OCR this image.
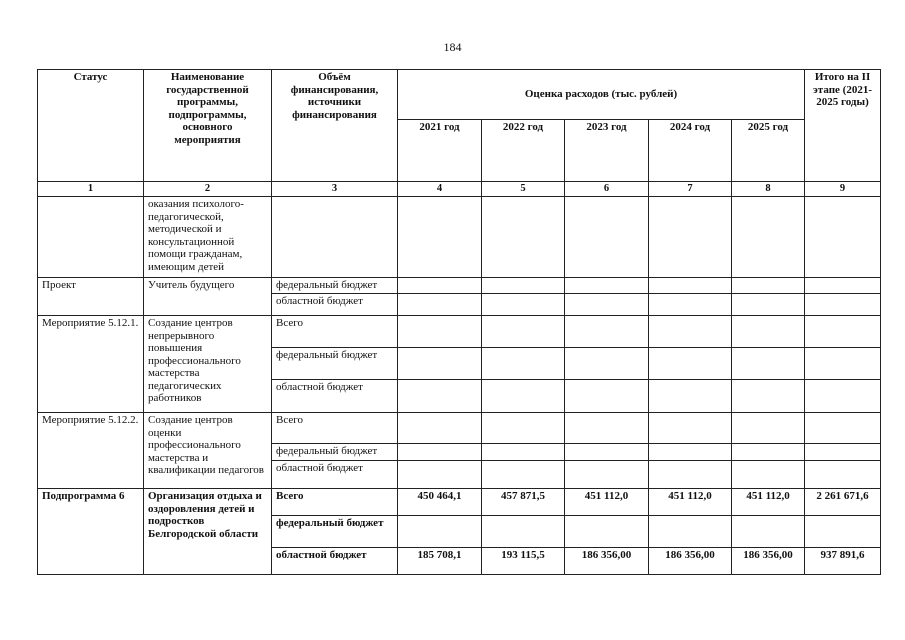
184
Статус	Наименование государственной программы, подпрограммы, основного мероприятия	Объём финансирования, источники финансирования	Оценка расходов (тыс. рублей)					Итого на II этапе (2021-2025 годы)
			2021 год	2022 год	2023 год	2024 год	2025 год	
1	2	3	4	5	6	7	8	9
	оказания психолого-педагогической, методической и консультационной помощи гражданам, имеющим детей							
Проект	Учитель будущего	федеральный бюджет						
		областной бюджет						
Мероприятие 5.12.1.	Создание центров непрерывного повышения профессионального мастерства педагогических работников	Всего						
		федеральный бюджет						
		областной бюджет						
Мероприятие 5.12.2.	Создание центров оценки профессионального мастерства и квалификации педагогов	Всего						
		федеральный бюджет						
		областной бюджет						
Подпрограмма 6	Организация отдыха и оздоровления детей и подростков Белгородской области	Всего	450 464,1	457 871,5	451 112,0	451 112,0	451 112,0	2 261 671,6
		федеральный бюджет						
		областной бюджет	185 708,1	193 115,5	186 356,00	186 356,00	186 356,00	937 891,6
